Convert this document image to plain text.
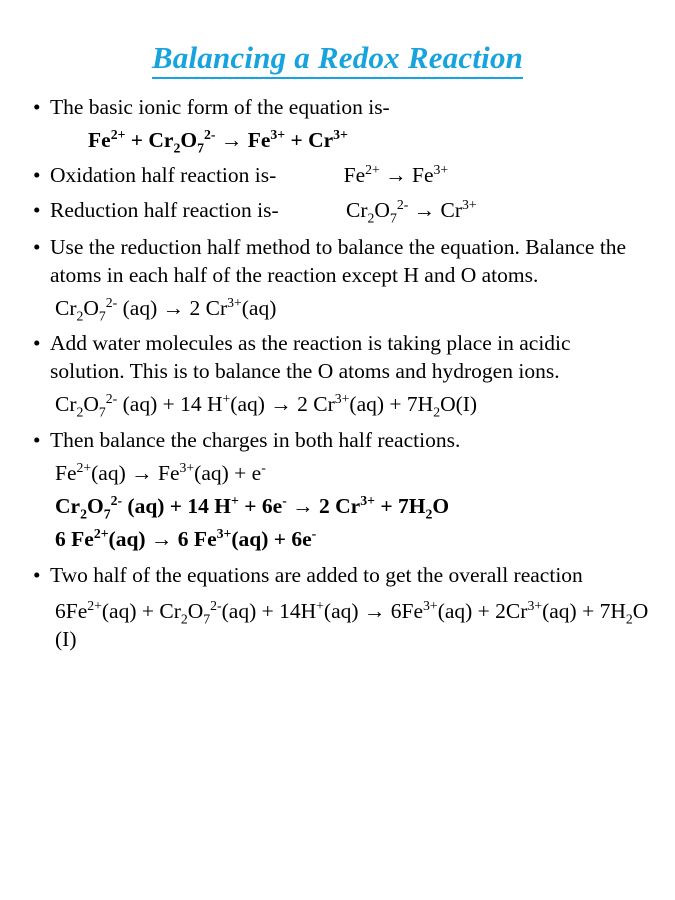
Balancing a Redox Reaction

• The basic ionic form of the equation is-

$Fe^{2+} + Cr_2O_7^{2-} \to Fe^{3+} + Cr^{3+}$

• Oxidation half reaction is-	$Fe^{2+} \to Fe^{3+}$

• Reduction half reaction is-	$Cr_2O_7^{2-} \to Cr^{3+}$

• Use the reduction half method to balance the equation. Balance the atoms in each half of the reaction except H and O atoms.

$Cr_2O_7^{2-}$ (aq) → 2 $Cr^{3+}(aq)$

• Add water molecules as the reaction is taking place in acidic solution. This is to balance the O atoms and hydrogen ions.

$Cr_2O_7^{2-}$ (aq) + 14 H+(aq) → 2 $Cr^{3+}(aq) + 7H_2O(I)$

• Then balance the charges in both half reactions.

$Fe^{2+}(aq) \to Fe^{3+}(aq) + e^-$

$Cr_2O_7^{2-}$ (aq) + 14 H+ + 6e- → 2 $Cr^{3+} + 7H_2O$

6 $Fe^{2+}(aq) \to 6$ $Fe^{3+}(aq) + 6e^-$

• Two half of the equations are added to get the overall reaction

$6Fe^{2+}(aq) + Cr_2O_7^{2-}(aq) + 14H^+(aq) \to 6Fe^{3+}(aq) + 2Cr^{3+}(aq) + 7H_2O$ (I)
